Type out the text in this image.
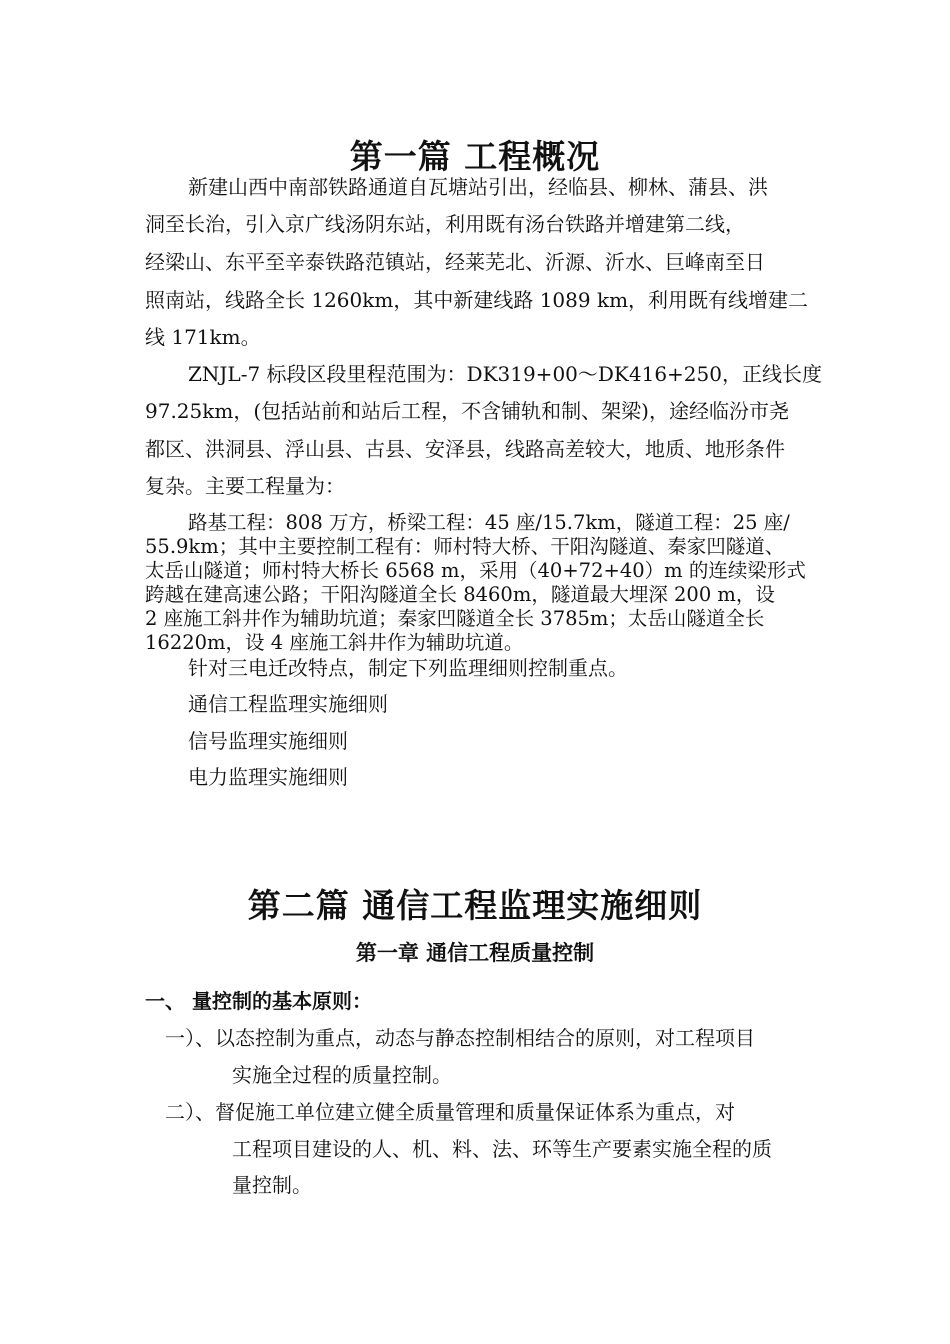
第一篇 工程概况
新建山西中南部铁路通道自瓦塘站引出，经临县、柳林、蒲县、洪
洞至长治，引入京广线汤阴东站，利用既有汤台铁路并增建第二线，
经梁山、东平至辛泰铁路范镇站，经莱芜北、沂源、沂水、巨峰南至日
照南站，线路全长 1260km，其中新建线路 1089 km，利用既有线增建二
线 171km。
ZNJL-7 标段区段里程范围为：DK319+00～DK416+250，正线长度
97.25km，(包括站前和站后工程，不含铺轨和制、架梁)，途经临汾市尧
都区、洪洞县、浮山县、古县、安泽县，线路高差较大，地质、地形条件
复杂。主要工程量为：
路基工程：808 万方，桥梁工程：45 座/15.7km，隧道工程：25 座/
55.9km；其中主要控制工程有：师村特大桥、干阳沟隧道、秦家凹隧道、
太岳山隧道；师村特大桥长 6568 m，采用（40+72+40）m 的连续梁形式
跨越在建高速公路；干阳沟隧道全长 8460m，隧道最大埋深 200 m，设
2 座施工斜井作为辅助坑道；秦家凹隧道全长 3785m；太岳山隧道全长
16220m，设 4 座施工斜井作为辅助坑道。
针对三电迁改特点，制定下列监理细则控制重点。
通信工程监理实施细则
信号监理实施细则
电力监理实施细则
第二篇 通信工程监理实施细则
第一章 通信工程质量控制
一、 量控制的基本原则：
一）、以态控制为重点，动态与静态控制相结合的原则，对工程项目
实施全过程的质量控制。
二）、督促施工单位建立健全质量管理和质量保证体系为重点，对
工程项目建设的人、机、料、法、环等生产要素实施全程的质
量控制。
